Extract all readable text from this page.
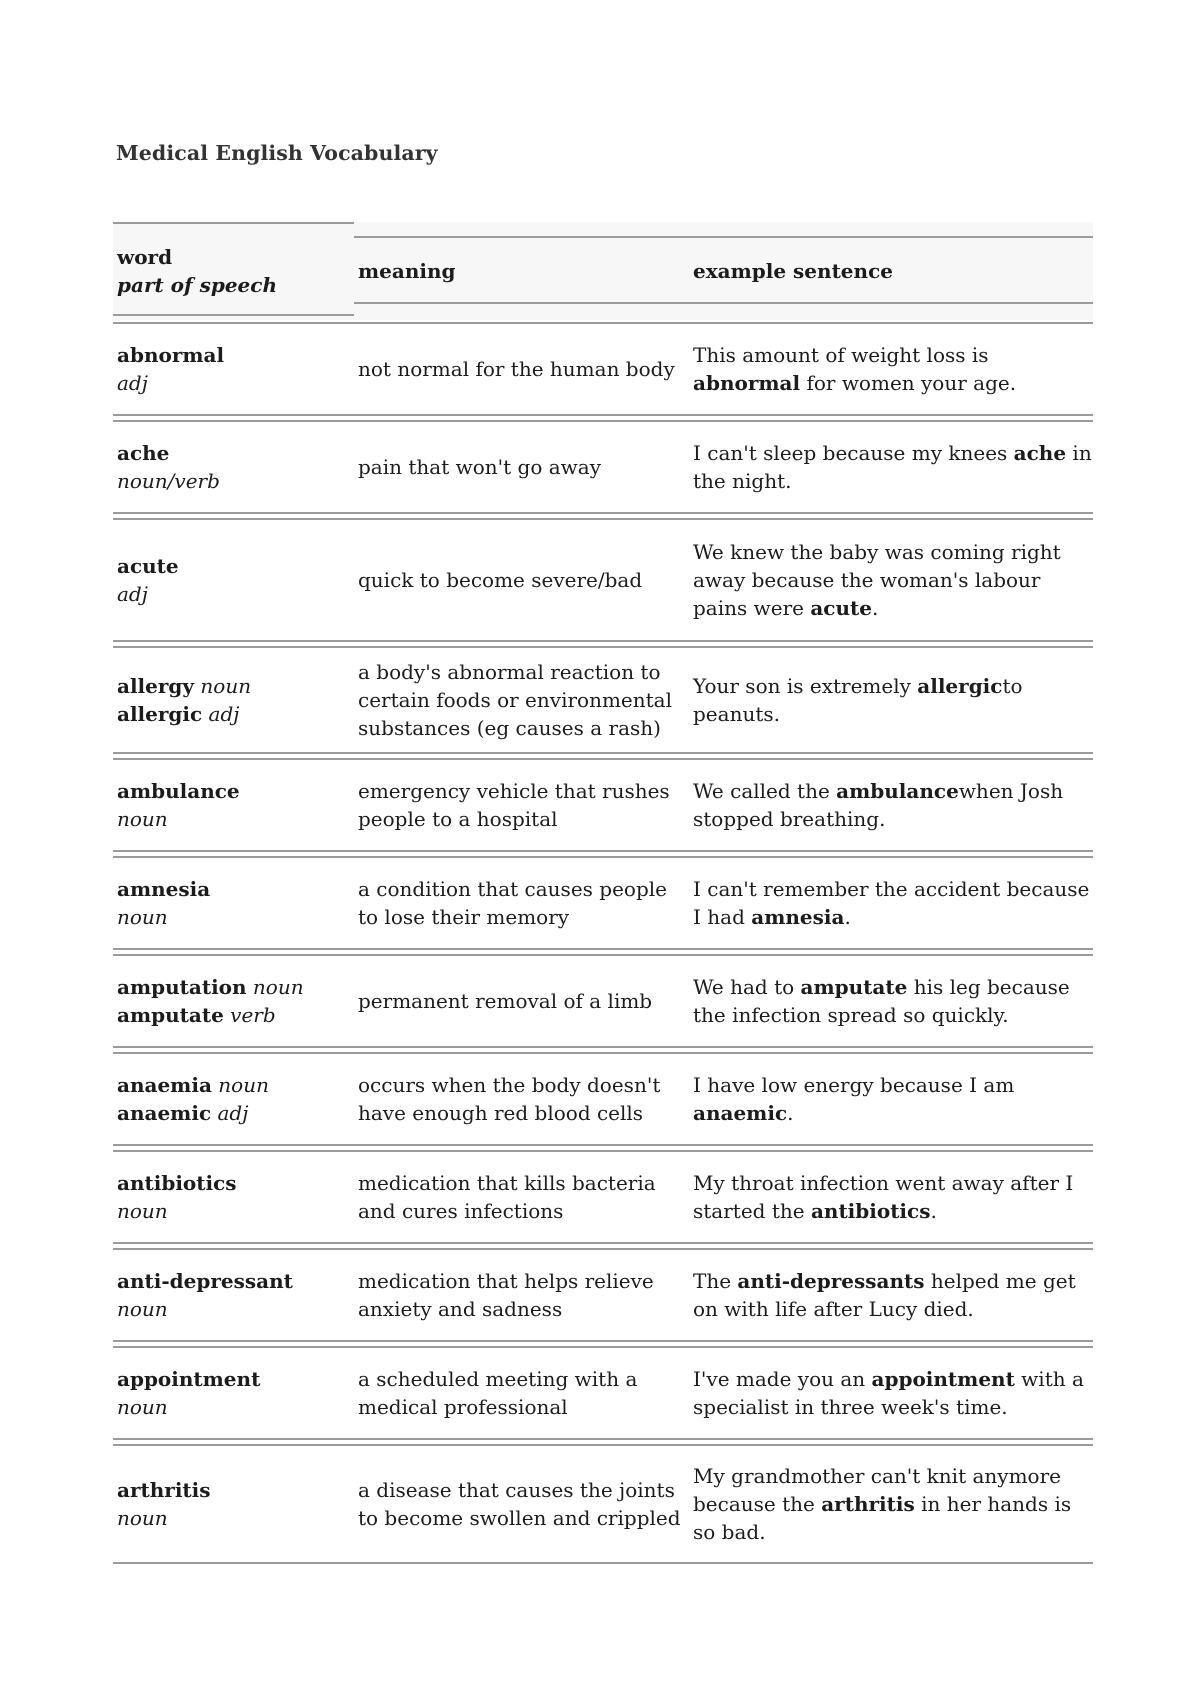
Medical English Vocabulary
word
part of speech
meaning	example sentence
abnormal
adj
not normal for the human body
This amount of weight loss is abnormal for women your age.
ache
noun/verb
pain that won't go away
I can't sleep because my knees ache in the night.
acute
adj
quick to become severe/bad
We knew the baby was coming right away because the woman's labour pains were acute.
allergy noun
allergic adj
a body's abnormal reaction to certain foods or environmental substances (eg causes a rash)
Your son is extremely allergicto peanuts.
ambulance
noun
emergency vehicle that rushes people to a hospital
We called the ambulancewhen Josh stopped breathing.
amnesia
noun
a condition that causes people to lose their memory
I can't remember the accident because I had amnesia.
amputation noun
amputate verb
permanent removal of a limb
We had to amputate his leg because the infection spread so quickly.
anaemia noun
anaemic adj
occurs when the body doesn't have enough red blood cells
I have low energy because I am anaemic.
antibiotics
noun
medication that kills bacteria and cures infections
My throat infection went away after I started the antibiotics.
anti-depressant
noun
medication that helps relieve anxiety and sadness
The anti-depressants helped me get on with life after Lucy died.
appointment
noun
a scheduled meeting with a medical professional
I've made you an appointment with a specialist in three week's time.
arthritis
noun
a disease that causes the joints to become swollen and crippled
My grandmother can't knit anymore because the arthritis in her hands is so bad.
